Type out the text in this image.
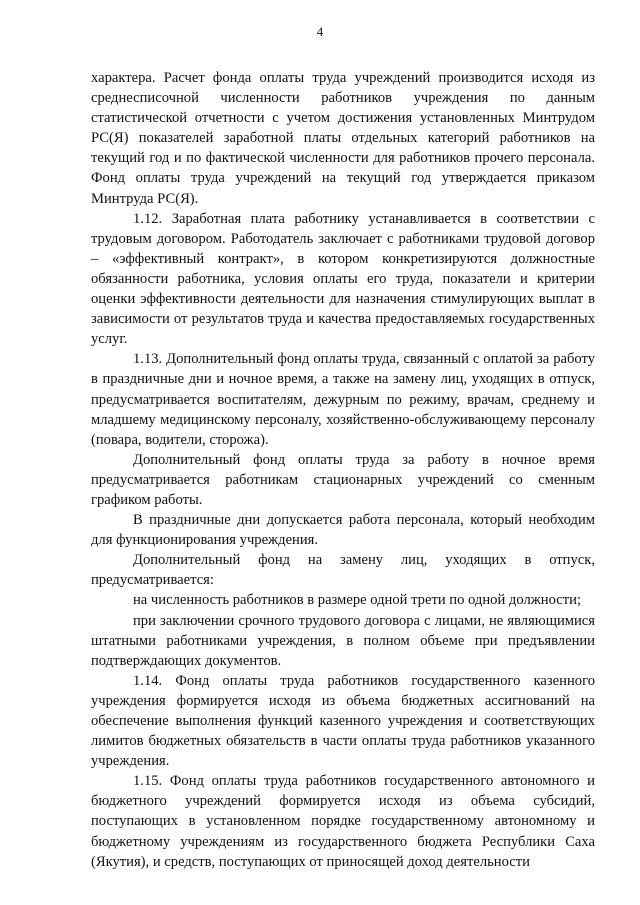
4

характера. Расчет фонда оплаты труда учреждений производится исходя из среднесписочной численности работников учреждения по данным статистической отчетности с учетом достижения установленных Минтрудом РС(Я) показателей заработной платы отдельных категорий работников на текущий год и по фактической численности для работников прочего персонала. Фонд оплаты труда учреждений на текущий год утверждается приказом Минтруда РС(Я).

1.12. Заработная плата работнику устанавливается в соответствии с трудовым договором. Работодатель заключает с работниками трудовой договор – «эффективный контракт», в котором конкретизируются должностные обязанности работника, условия оплаты его труда, показатели и критерии оценки эффективности деятельности для назначения стимулирующих выплат в зависимости от результатов труда и качества предоставляемых государственных услуг.

1.13. Дополнительный фонд оплаты труда, связанный с оплатой за работу в праздничные дни и ночное время, а также на замену лиц, уходящих в отпуск, предусматривается воспитателям, дежурным по режиму, врачам, среднему и младшему медицинскому персоналу, хозяйственно-обслуживающему персоналу (повара, водители, сторожа).

Дополнительный фонд оплаты труда за работу в ночное время предусматривается работникам стационарных учреждений со сменным графиком работы.

В праздничные дни допускается работа персонала, который необходим для функционирования учреждения.

Дополнительный фонд на замену лиц, уходящих в отпуск, предусматривается:

на численность работников в размере одной трети по одной должности;

при заключении срочного трудового договора с лицами, не являющимися штатными работниками учреждения, в полном объеме при предъявлении подтверждающих документов.

1.14. Фонд оплаты труда работников государственного казенного учреждения формируется исходя из объема бюджетных ассигнований на обеспечение выполнения функций казенного учреждения и соответствующих лимитов бюджетных обязательств в части оплаты труда работников указанного учреждения.

1.15. Фонд оплаты труда работников государственного автономного и бюджетного учреждений формируется исходя из объема субсидий, поступающих в установленном порядке государственному автономному и бюджетному учреждениям из государственного бюджета Республики Саха (Якутия), и средств, поступающих от приносящей доход деятельности
